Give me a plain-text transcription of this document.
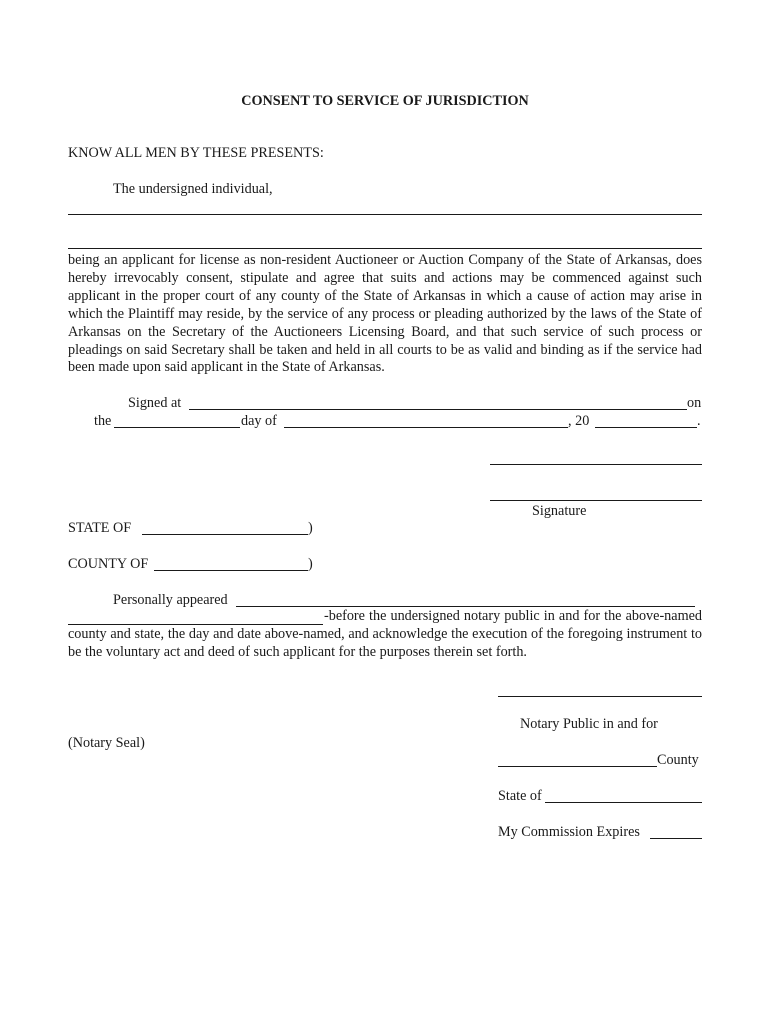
CONSENT TO SERVICE OF JURISDICTION
KNOW ALL MEN BY THESE PRESENTS:
The undersigned individual,
being an applicant for license as non-resident Auctioneer or Auction Company of the State of Arkansas, does hereby irrevocably consent, stipulate and agree that suits and actions may be commenced against such applicant in the proper court of any county of the State of Arkansas in which a cause of action may arise in which the Plaintiff may reside, by the service of any process or pleading authorized by the laws of the State of Arkansas on the Secretary of the Auctioneers Licensing Board, and that such service of such process or pleadings on said Secretary shall be taken and held in all courts to be as valid and binding as if the service had been made upon said applicant in the State of Arkansas.
Signed at	on
the	day of	, 20	.
Signature
STATE OF	)
COUNTY OF	)
Personally appeared
-before the undersigned notary public in and for the above-named county and state, the day and date above-named, and acknowledge the execution of the foregoing instrument to be the voluntary act and deed of such applicant for the purposes therein set forth.
Notary Public in and for
(Notary Seal)
County
State of
My Commission Expires
